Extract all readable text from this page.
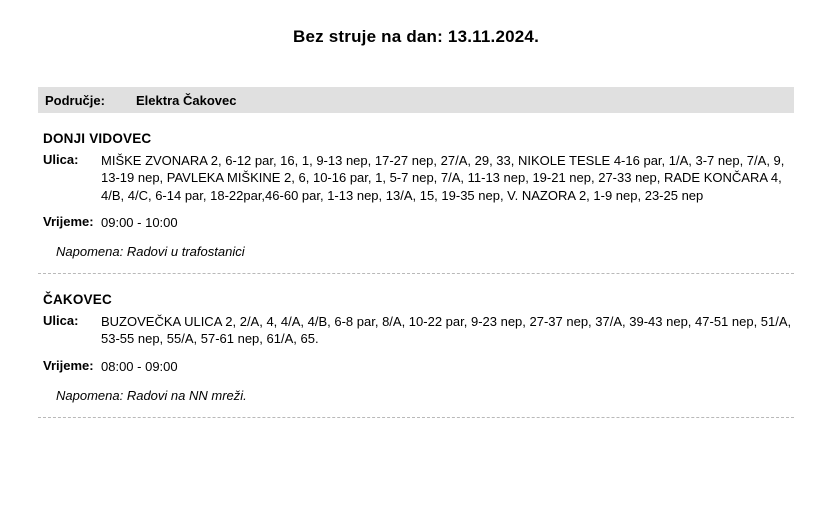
Bez struje na dan: 13.11.2024.
Područje:	Elektra Čakovec
DONJI VIDOVEC
Ulica:	MIŠKE ZVONARA 2, 6-12 par, 16, 1, 9-13 nep, 17-27 nep, 27/A, 29, 33, NIKOLE TESLE 4-16 par, 1/A, 3-7 nep, 7/A, 9, 13-19 nep, PAVLEKA MIŠKINE 2, 6, 10-16 par, 1, 5-7 nep, 7/A, 11-13 nep, 19-21 nep, 27-33 nep, RADE KONČARA 4, 4/B, 4/C, 6-14 par, 18-22par,46-60 par, 1-13 nep, 13/A, 15, 19-35 nep, V. NAZORA 2, 1-9 nep, 23-25 nep
Vrijeme: 09:00 - 10:00
Napomena: Radovi u trafostanici
ČAKOVEC
Ulica:	BUZOVEČKA ULICA 2, 2/A, 4, 4/A, 4/B, 6-8 par, 8/A, 10-22 par, 9-23 nep, 27-37 nep, 37/A, 39-43 nep, 47-51 nep, 51/A, 53-55 nep, 55/A, 57-61 nep, 61/A, 65.
Vrijeme: 08:00 - 09:00
Napomena: Radovi na NN mreži.
